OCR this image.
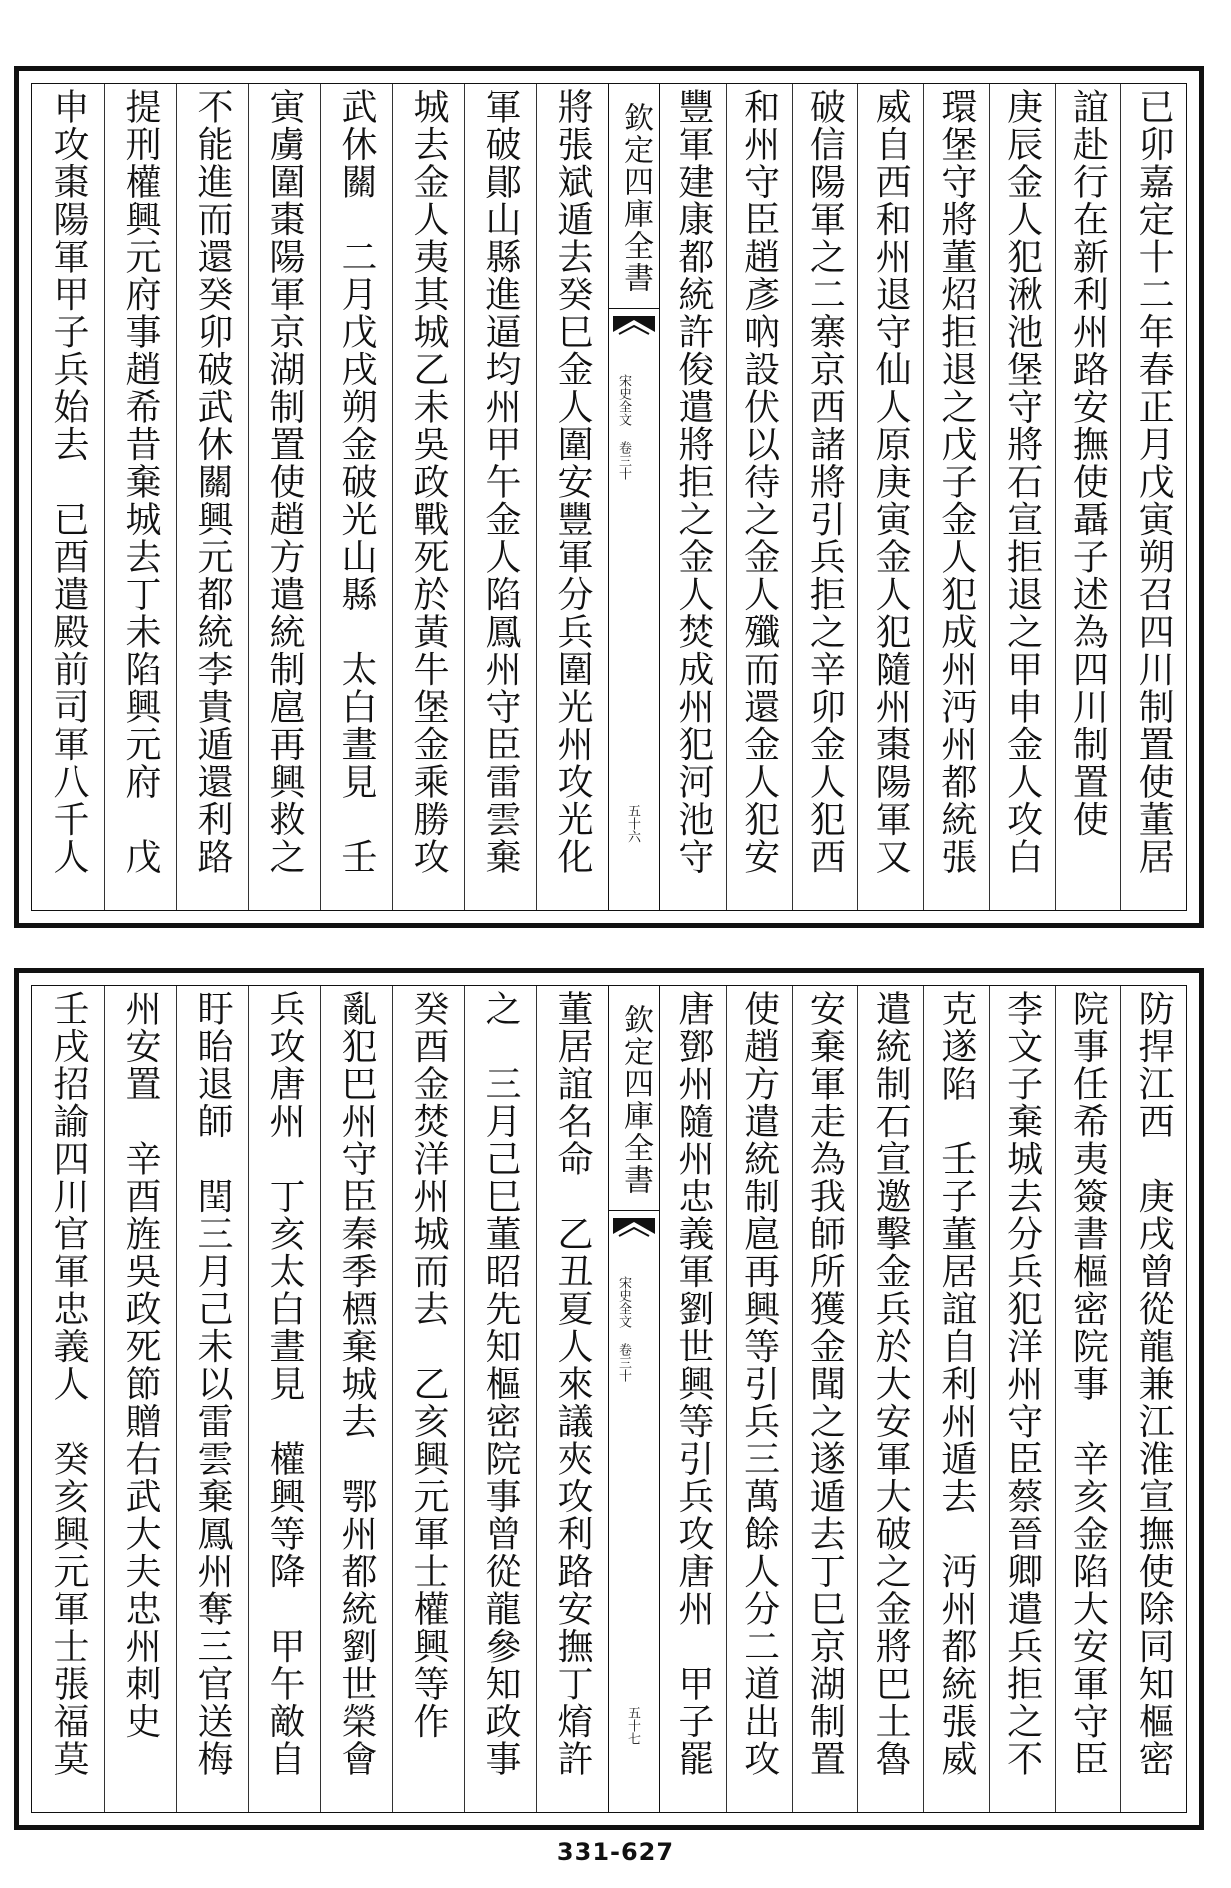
已卯嘉定十二年春正月戊寅朔召四川制置使董居
誼赴行在新利州路安撫使聶子述為四川制置使
庚辰金人犯湫池堡守將石宣拒退之甲申金人攻白
環堡守將董炤拒退之戊子金人犯成州沔州都統張
威自西和州退守仙人原庚寅金人犯隨州棗陽軍又
破信陽軍之二寨京西諸將引兵拒之辛卯金人犯西
和州守臣趙彥吶設伏以待之金人殲而還金人犯安
欽定四庫全書
宋史全文 卷三十
五十六
將張斌遁去癸巳金人圍安豐軍分兵圍光州攻光化
軍破鄖山縣進逼均州甲午金人陷鳳州守臣雷雲棄
城去金人夷其城乙未吳政戰死於黃牛堡金乘勝攻
武休關　二月戊戌朔金破光山縣　太白晝見　壬
寅虜圍棗陽軍京湖制置使趙方遣統制扈再興救之
不能進而還癸卯破武休關興元都統李貴遁還利路
提刑權興元府事趙希昔棄城去丁未陷興元府　戊
申攻棗陽軍甲子兵始去　已酉遣殿前司軍八千人	豐軍建康都統許俊遣將拒之金人焚成州犯河池守
防捍江西　庚戌曾從龍兼江淮宣撫使除同知樞密
院事任希夷簽書樞密院事　辛亥金陷大安軍守臣
李文子棄城去分兵犯洋州守臣蔡晉卿遣兵拒之不
克遂陷　壬子董居誼自利州遁去　沔州都統張威
遣統制石宣邀擊金兵於大安軍大破之金將巴土魯
安棄軍走為我師所獲金聞之遂遁去丁巳京湖制置
使趙方遣統制扈再興等引兵三萬餘人分二道出攻
欽定四庫全書
宋史全文 卷三十
五十七
董居誼名命　乙丑夏人來議夾攻利路安撫丁焴許
之　三月己巳董昭先知樞密院事曾從龍參知政事
癸酉金焚洋州城而去　乙亥興元軍士權興等作
亂犯巴州守臣秦季槱棄城去　鄂州都統劉世榮會
兵攻唐州　丁亥太白晝見　權興等降　甲午敵自
盱眙退師　閏三月己未以雷雲棄鳳州奪三官送梅
州安置　辛酉旌吳政死節贈右武大夫忠州刺史
壬戌招諭四川官軍忠義人　癸亥興元軍士張福莫	唐鄧州隨州忠義軍劉世興等引兵攻唐州　甲子罷
331-627
